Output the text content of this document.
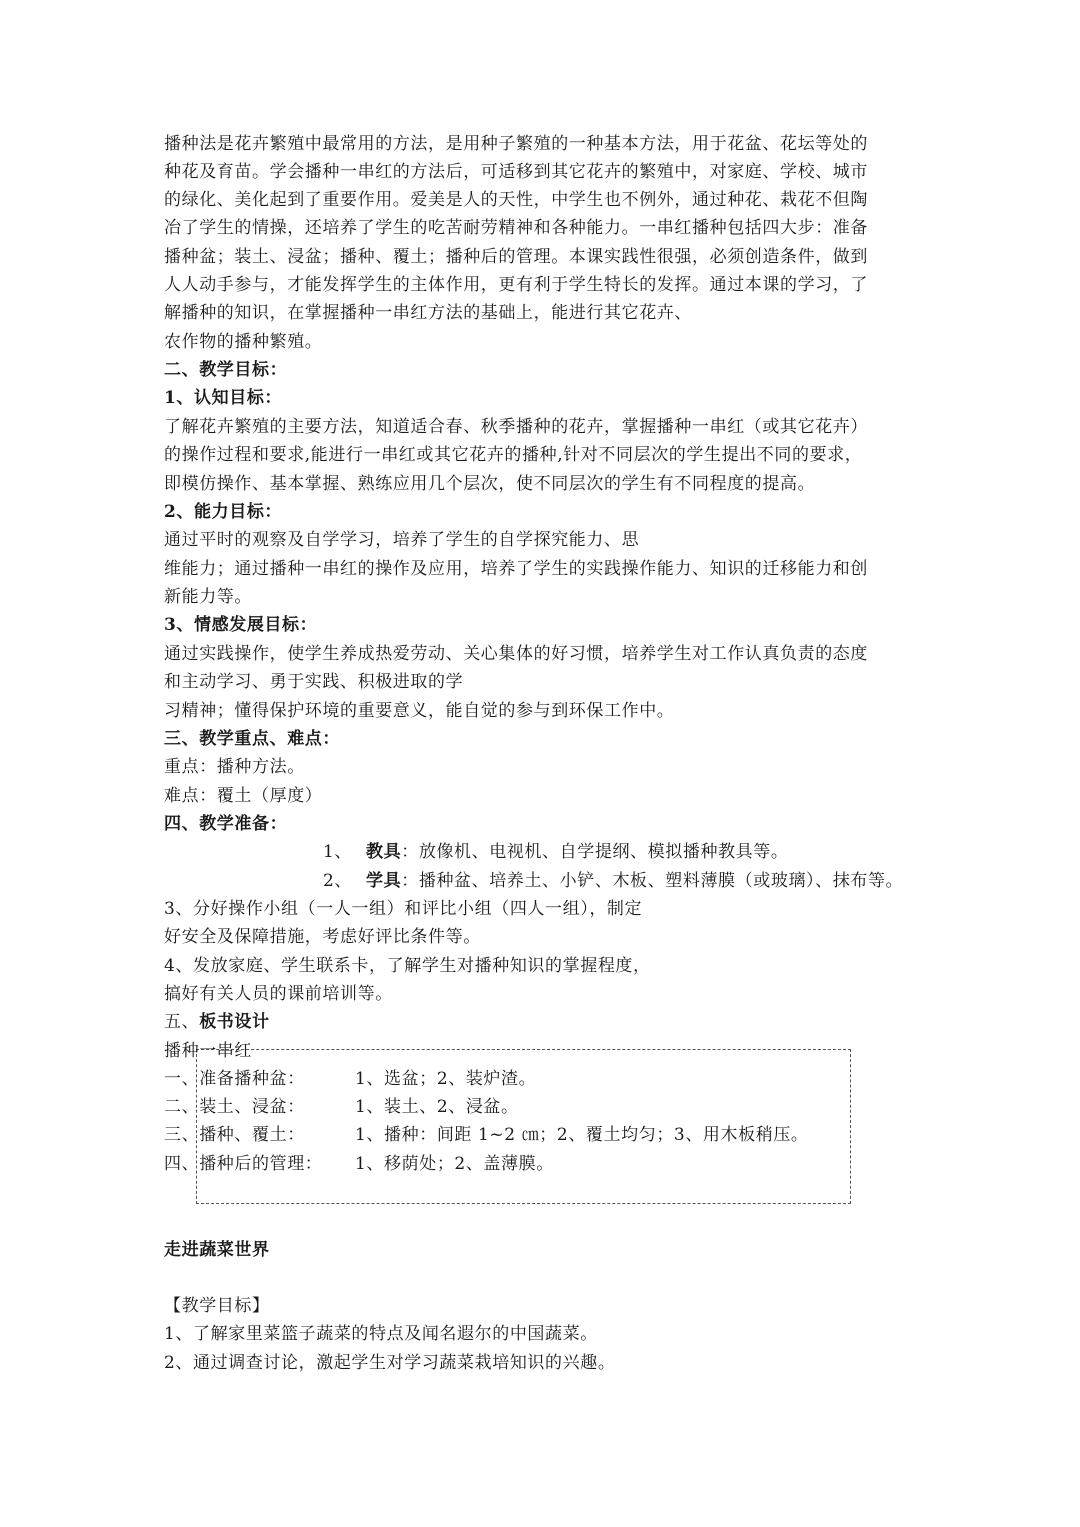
播种法是花卉繁殖中最常用的方法，是用种子繁殖的一种基本方法，用于花盆、花坛等处的
种花及育苗。学会播种一串红的方法后，可适移到其它花卉的繁殖中，对家庭、学校、城市
的绿化、美化起到了重要作用。爱美是人的天性，中学生也不例外，通过种花、栽花不但陶
冶了学生的情操，还培养了学生的吃苦耐劳精神和各种能力。一串红播种包括四大步：准备
播种盆；装土、浸盆；播种、覆土；播种后的管理。本课实践性很强，必须创造条件，做到
人人动手参与，才能发挥学生的主体作用，更有利于学生特长的发挥。通过本课的学习，了
解播种的知识，在掌握播种一串红方法的基础上，能进行其它花卉、
农作物的播种繁殖。
二、教学目标：
1、认知目标：
了解花卉繁殖的主要方法，知道适合春、秋季播种的花卉，掌握播种一串红（或其它花卉）
的操作过程和要求,能进行一串红或其它花卉的播种,针对不同层次的学生提出不同的要求，
即模仿操作、基本掌握、熟练应用几个层次，使不同层次的学生有不同程度的提高。
2、能力目标：
通过平时的观察及自学学习，培养了学生的自学探究能力、思
维能力；通过播种一串红的操作及应用，培养了学生的实践操作能力、知识的迁移能力和创
新能力等。
3、情感发展目标：
通过实践操作，使学生养成热爱劳动、关心集体的好习惯，培养学生对工作认真负责的态度
和主动学习、勇于实践、积极进取的学
习精神；懂得保护环境的重要意义，能自觉的参与到环保工作中。
三、教学重点、难点：
重点：播种方法。
难点：覆土（厚度）
四、教学准备：
1、 教具：放像机、电视机、自学提纲、模拟播种教具等。
2、 学具：播种盆、培养土、小铲、木板、塑料薄膜（或玻璃）、抹布等。
3、分好操作小组（一人一组）和评比小组（四人一组），制定
好安全及保障措施，考虑好评比条件等。
4、发放家庭、学生联系卡，了解学生对播种知识的掌握程度，
搞好有关人员的课前培训等。
五、板书设计
播种一串红
一、准备播种盆：	1、选盆；2、装炉渣。
二、装土、浸盆：	1、装土、2、浸盆。
三、播种、覆土：	1、播种：间距 1~2 ㎝；2、覆土均匀；3、用木板稍压。
四、播种后的管理： 1、移荫处；2、盖薄膜。
走进蔬菜世界
【教学目标】
1、了解家里菜篮子蔬菜的特点及闻名遐尔的中国蔬菜。
2、通过调查讨论，激起学生对学习蔬菜栽培知识的兴趣。
